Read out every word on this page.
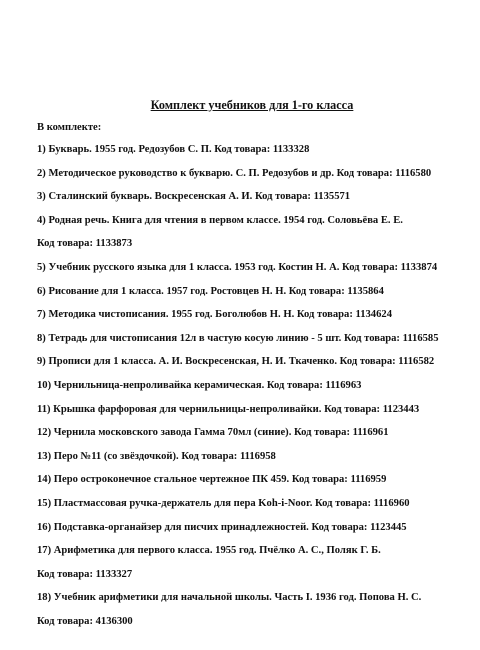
Комплект учебников для 1-го класса
В комплекте:
1) Букварь. 1955 год. Редозубов С. П. Код товара: 1133328
2) Методическое руководство к букварю. С. П. Редозубов и др. Код товара: 1116580
3) Сталинский букварь. Воскресенская А. И. Код товара: 1135571
4) Родная речь. Книга для чтения в первом классе. 1954 год. Соловьёва Е. Е.
Код товара: 1133873
5) Учебник русского языка для 1 класса. 1953 год. Костин Н. А. Код товара: 1133874
6) Рисование для 1 класса. 1957 год. Ростовцев Н. Н. Код товара: 1135864
7) Методика чистописания. 1955 год. Боголюбов Н. Н. Код товара: 1134624
8) Тетрадь для чистописания 12л в частую косую линию - 5 шт. Код товара: 1116585
9) Прописи для 1 класса. А. И. Воскресенская, Н. И. Ткаченко. Код товара: 1116582
10) Чернильница-непроливайка керамическая. Код товара: 1116963
11) Крышка фарфоровая для чернильницы-непроливайки. Код товара: 1123443
12) Чернила московского завода Гамма 70мл (синие). Код товара: 1116961
13) Перо №11 (со звёздочкой). Код товара: 1116958
14) Перо остроконечное стальное чертежное ПК 459. Код товара: 1116959
15) Пластмассовая ручка-держатель для пера Koh-i-Noor. Код товара: 1116960
16) Подставка-органайзер для писчих принадлежностей. Код товара: 1123445
17) Арифметика для первого класса. 1955 год. Пчёлко А. С., Поляк Г. Б.
Код товара: 1133327
18) Учебник арифметики для начальной школы. Часть I. 1936 год. Попова Н. С.
Код товара: 4136300
